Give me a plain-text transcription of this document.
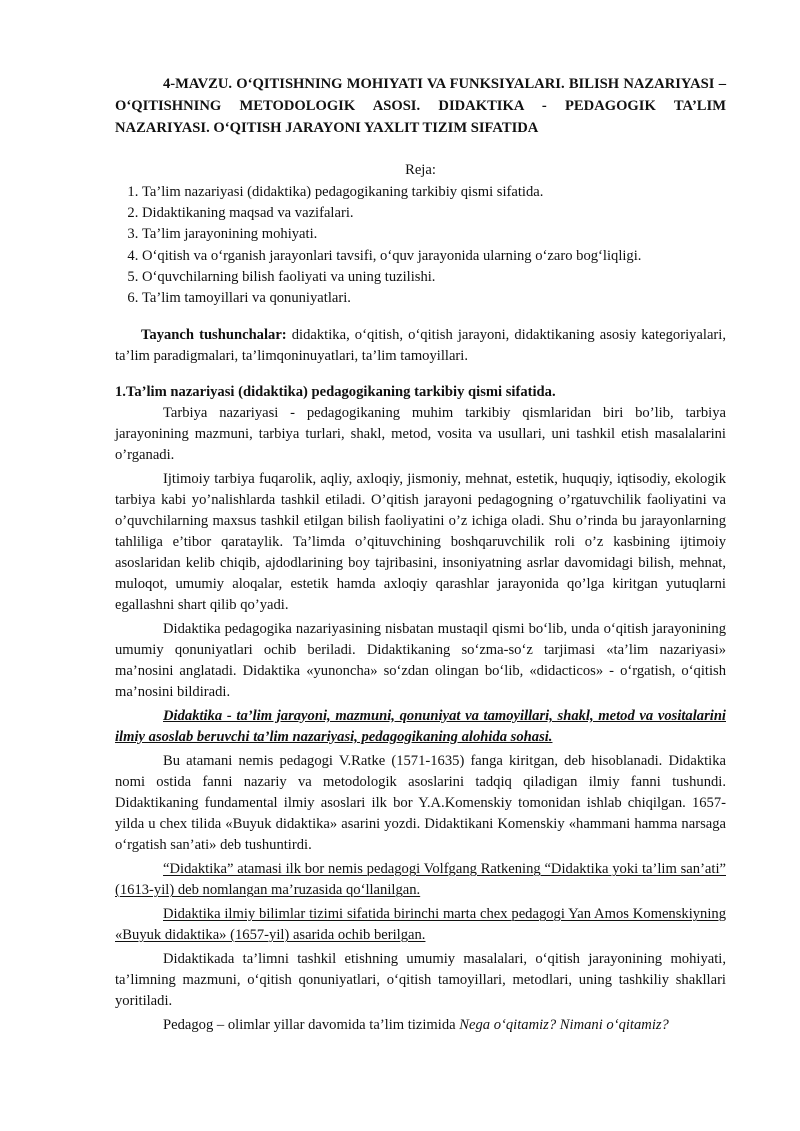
4-MAVZU. O‘QITISHNING MOHIYATI VA FUNKSIYALARI. BILISH NAZARIYASI – O‘QITISHNING METODOLOGIK ASOSI. DIDAKTIKA - PEDAGOGIK TA’LIM NAZARIYASI. O‘QITISH JARAYONI YAXLIT TIZIM SIFATIDA

Reja:
1. Ta’lim nazariyasi (didaktika) pedagogikaning tarkibiy qismi sifatida.
2. Didaktikaning maqsad va vazifalari.
3. Ta’lim jarayonining mohiyati.
4. O‘qitish va o‘rganish jarayonlari tavsifi, o‘quv jarayonida ularning o‘zaro bog‘liqligi.
5. O‘quvchilarning bilish faoliyati va uning tuzilishi.
6. Ta’lim tamoyillari va qonuniyatlari.

Tayanch tushunchalar: didaktika, o‘qitish, o‘qitish jarayoni, didaktikaning asosiy kategoriyalari, ta’lim paradigmalari, ta’limqoninuyatlari, ta’lim tamoyillari.

1.Ta’lim nazariyasi (didaktika) pedagogikaning tarkibiy qismi sifatida.

Tarbiya nazariyasi - pedagogikaning muhim tarkibiy qismlaridan biri bo’lib, tarbiya jarayonining mazmuni, tarbiya turlari, shakl, metod, vosita va usullari, uni tashkil etish masalalarini o’rganadi.

Ijtimoiy tarbiya fuqarolik, aqliy, axloqiy, jismoniy, mehnat, estetik, huquqiy, iqtisodiy, ekologik tarbiya kabi yo’nalishlarda tashkil etiladi. O’qitish jarayoni pedagogning o’rgatuvchilik faoliyatini va o’quvchilarning maxsus tashkil etilgan bilish faoliyatini o’z ichiga oladi. Shu o’rinda bu jarayonlarning tahliliga e’tibor qarataylik. Ta’limda o’qituvchining boshqaruvchilik roli o’z kasbining ijtimoiy asoslaridan kelib chiqib, ajdodlarining boy tajribasini, insoniyatning asrlar davomidagi bilish, mehnat, muloqot, umumiy aloqalar, estetik hamda axloqiy qarashlar jarayonida qo’lga kiritgan yutuqlarni egallashni shart qilib qo’yadi.

Didaktika pedagogika nazariyasining nisbatan mustaqil qismi bo‘lib, unda o‘qitish jarayonining umumiy qonuniyatlari ochib beriladi. Didaktikaning so‘zma-so‘z tarjimasi «ta’lim nazariyasi» ma’nosini anglatadi. Didaktika «yunoncha» so‘zdan olingan bo‘lib, «didacticos» - o‘rgatish, o‘qitish ma’nosini bildiradi.

Didaktika - ta’lim jarayoni, mazmuni, qonuniyat va tamoyillari, shakl, metod va vositalarini ilmiy asoslab beruvchi ta’lim nazariyasi, pedagogikaning alohida sohasi.

Bu atamani nemis pedagogi V.Ratke (1571-1635) fanga kiritgan, deb hisoblanadi. Didaktika nomi ostida fanni nazariy va metodologik asoslarini tadqiq qiladigan ilmiy fanni tushundi. Didaktikaning fundamental ilmiy asoslari ilk bor Y.A.Komenskiy tomonidan ishlab chiqilgan. 1657-yilda u chex tilida «Buyuk didaktika» asarini yozdi. Didaktikani Komenskiy «hammani hamma narsaga o‘rgatish san’ati» deb tushuntirdi.

“Didaktika” atamasi ilk bor nemis pedagogi Volfgang Ratkening “Didaktika yoki ta’lim san’ati” (1613-yil) deb nomlangan ma’ruzasida qo‘llanilgan.

Didaktika ilmiy bilimlar tizimi sifatida birinchi marta chex pedagogi Yan Amos Komenskiyning «Buyuk didaktika» (1657-yil) asarida ochib berilgan.

Didaktikada ta’limni tashkil etishning umumiy masalalari, o‘qitish jarayonining mohiyati, ta’limning mazmuni, o‘qitish qonuniyatlari, o‘qitish tamoyillari, metodlari, uning tashkiliy shakllari yoritiladi.

Pedagog – olimlar yillar davomida ta’lim tizimida Nega o‘qitamiz? Nimani o‘qitamiz?
